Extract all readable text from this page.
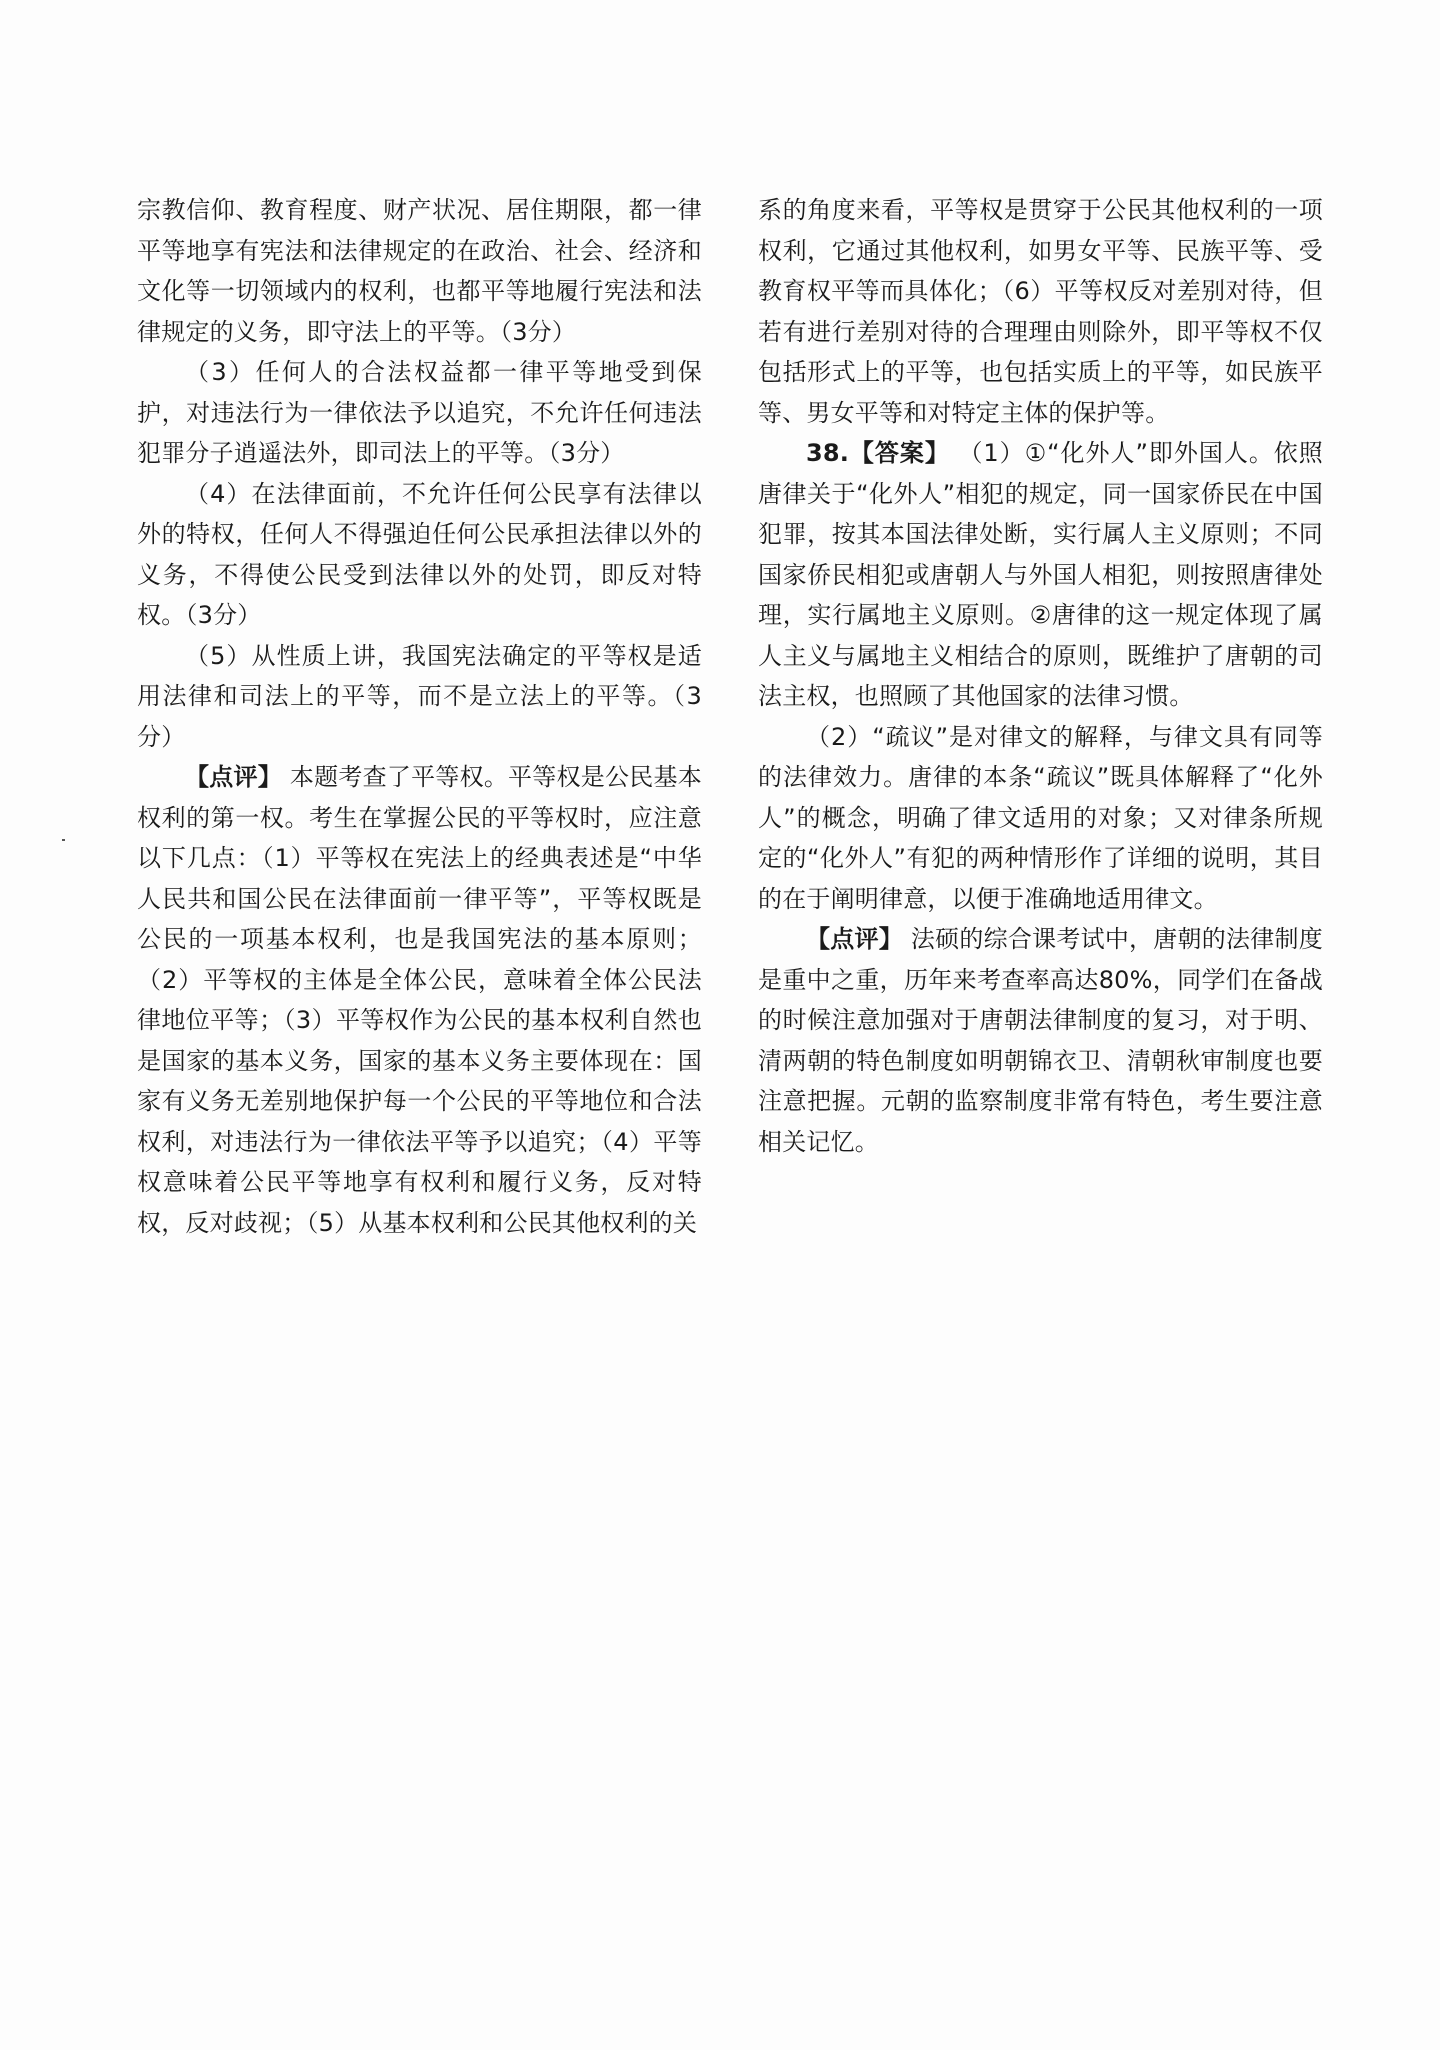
宗教信仰、教育程度、财产状况、居住期限，都一律平等地享有宪法和法律规定的在政治、社会、经济和文化等一切领域内的权利，也都平等地履行宪法和法律规定的义务，即守法上的平等。（3分）

（3）任何人的合法权益都一律平等地受到保护，对违法行为一律依法予以追究，不允许任何违法犯罪分子逍遥法外，即司法上的平等。（3分）

（4）在法律面前，不允许任何公民享有法律以外的特权，任何人不得强迫任何公民承担法律以外的义务，不得使公民受到法律以外的处罚，即反对特权。（3分）

（5）从性质上讲，我国宪法确定的平等权是适用法律和司法上的平等，而不是立法上的平等。（3分）

【点评】 本题考查了平等权。平等权是公民基本权利的第一权。考生在掌握公民的平等权时，应注意以下几点：（1）平等权在宪法上的经典表述是“中华人民共和国公民在法律面前一律平等”，平等权既是公民的一项基本权利，也是我国宪法的基本原则；（2）平等权的主体是全体公民，意味着全体公民法律地位平等；（3）平等权作为公民的基本权利自然也是国家的基本义务，国家的基本义务主要体现在：国家有义务无差别地保护每一个公民的平等地位和合法权利，对违法行为一律依法平等予以追究；（4）平等权意味着公民平等地享有权利和履行义务，反对特权，反对歧视；（5）从基本权利和公民其他权利的关

系的角度来看，平等权是贯穿于公民其他权利的一项权利，它通过其他权利，如男女平等、民族平等、受教育权平等而具体化；（6）平等权反对差别对待，但若有进行差别对待的合理理由则除外，即平等权不仅包括形式上的平等，也包括实质上的平等，如民族平等、男女平等和对特定主体的保护等。

38.【答案】 （1）①“化外人”即外国人。依照唐律关于“化外人”相犯的规定，同一国家侨民在中国犯罪，按其本国法律处断，实行属人主义原则；不同国家侨民相犯或唐朝人与外国人相犯，则按照唐律处理，实行属地主义原则。②唐律的这一规定体现了属人主义与属地主义相结合的原则，既维护了唐朝的司法主权，也照顾了其他国家的法律习惯。

（2）“疏议”是对律文的解释，与律文具有同等的法律效力。唐律的本条“疏议”既具体解释了“化外人”的概念，明确了律文适用的对象；又对律条所规定的“化外人”有犯的两种情形作了详细的说明，其目的在于阐明律意，以便于准确地适用律文。

【点评】 法硕的综合课考试中，唐朝的法律制度是重中之重，历年来考查率高达80%，同学们在备战的时候注意加强对于唐朝法律制度的复习，对于明、清两朝的特色制度如明朝锦衣卫、清朝秋审制度也要注意把握。元朝的监察制度非常有特色，考生要注意相关记忆。
